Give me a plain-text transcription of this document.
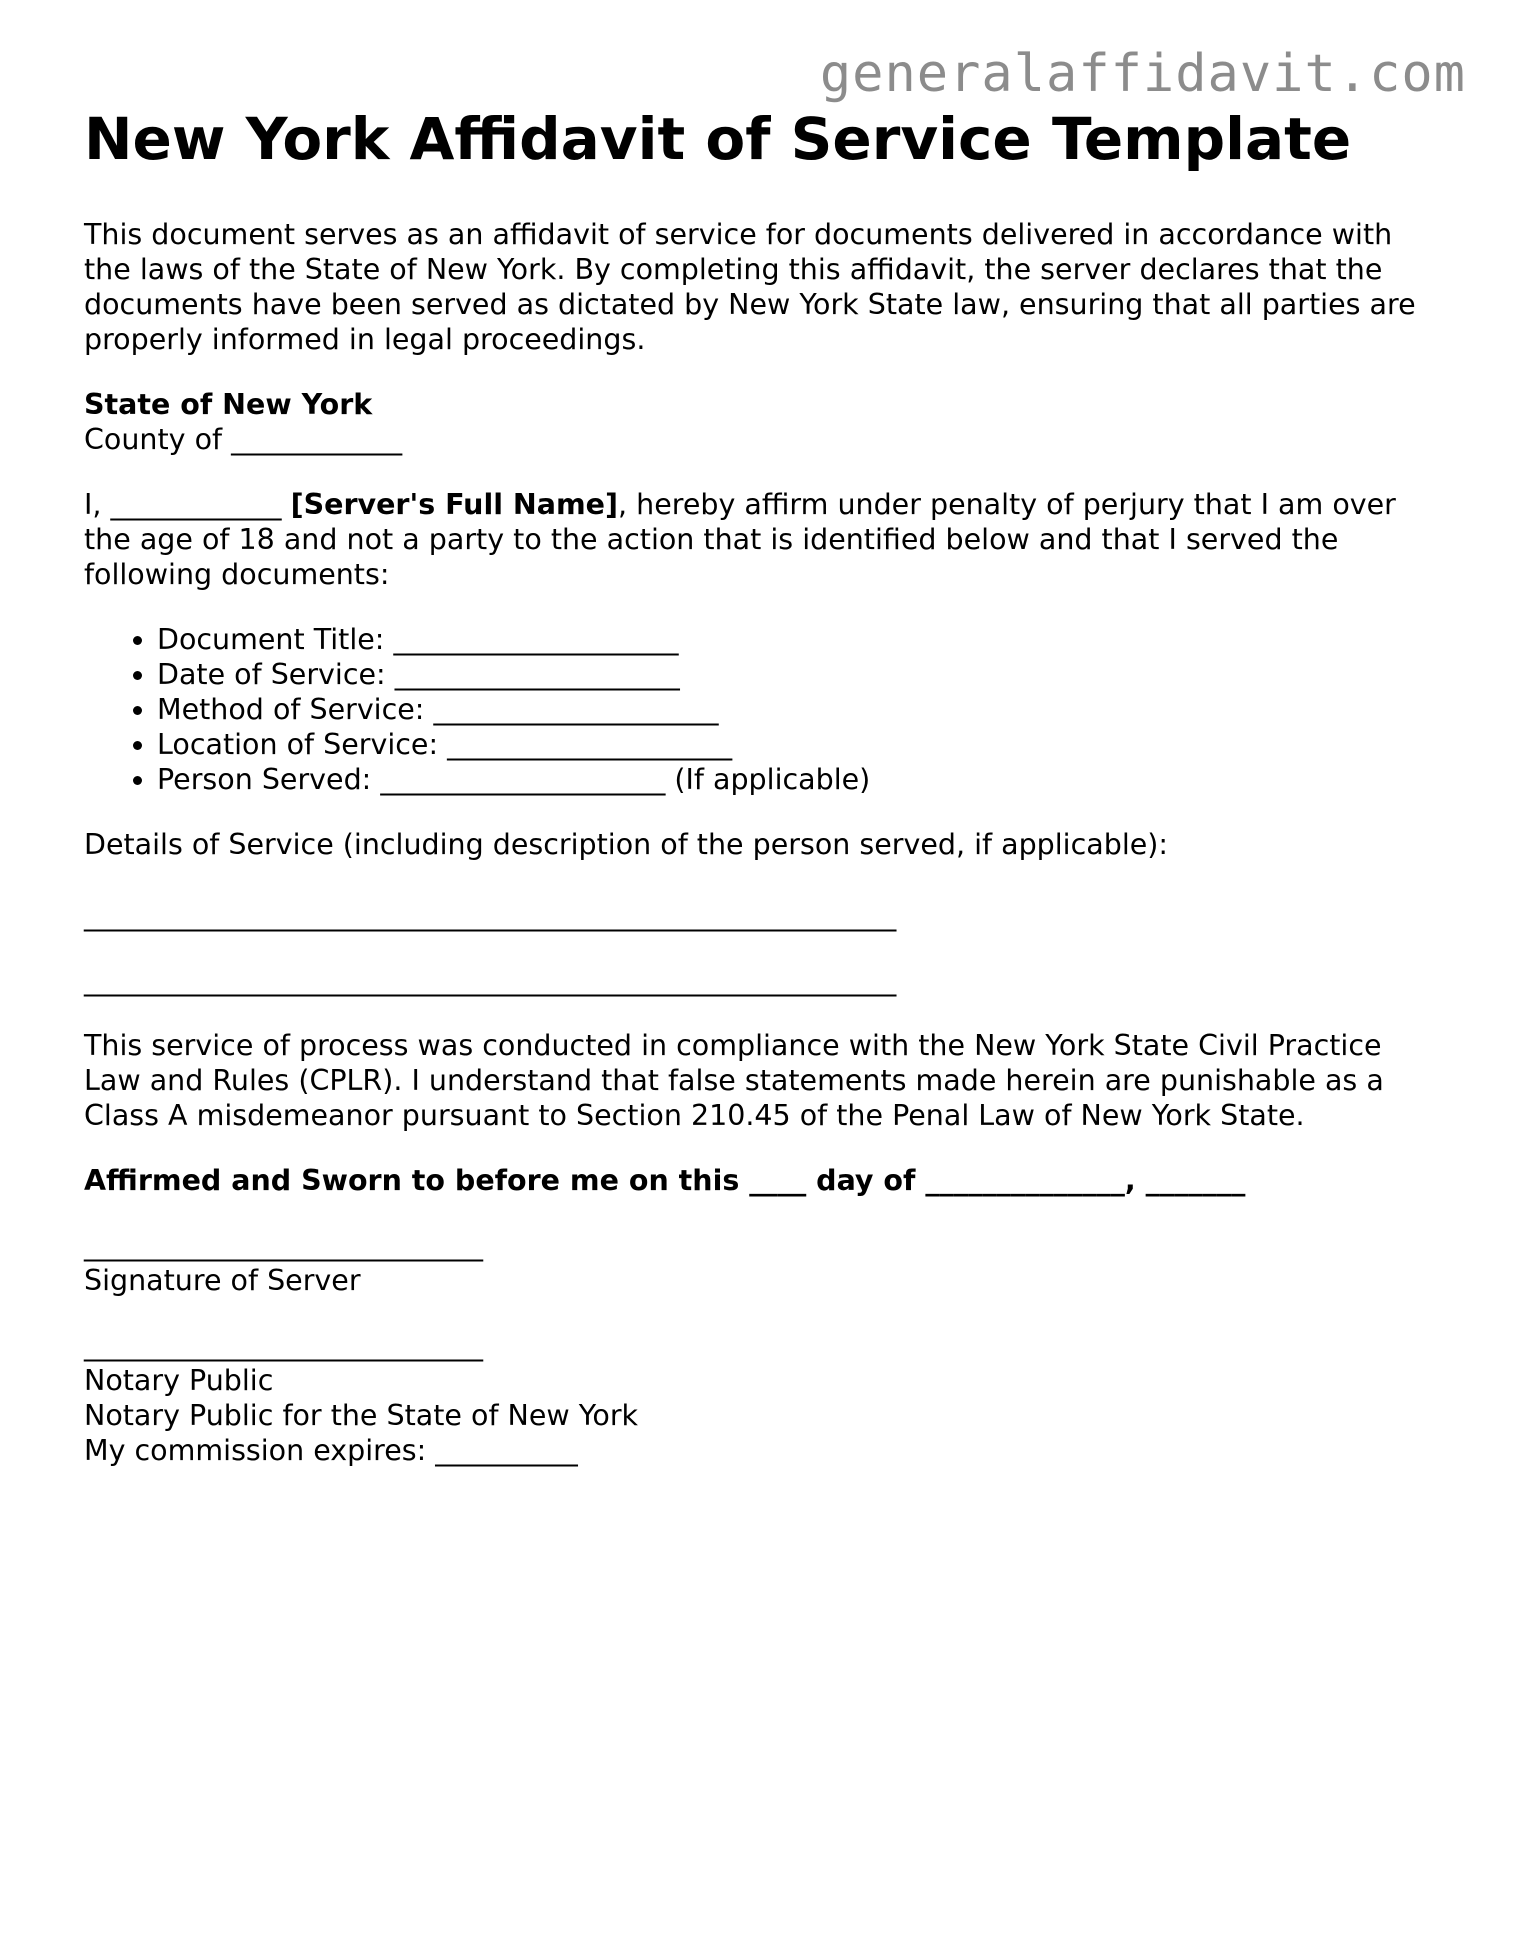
generalaffidavit.com
New York Affidavit of Service Template

This document serves as an affidavit of service for documents delivered in accordance with the laws of the State of New York. By completing this affidavit, the server declares that the documents have been served as dictated by New York State law, ensuring that all parties are properly informed in legal proceedings.

State of New York
County of ____________

I, ____________ [Server's Full Name], hereby affirm under penalty of perjury that I am over the age of 18 and not a party to the action that is identified below and that I served the following documents:

• Document Title: ____________________
• Date of Service: ____________________
• Method of Service: ____________________
• Location of Service: ____________________
• Person Served: ____________________ (If applicable)

Details of Service (including description of the person served, if applicable):

_________________________________________________________
_________________________________________________________

This service of process was conducted in compliance with the New York State Civil Practice Law and Rules (CPLR). I understand that false statements made herein are punishable as a Class A misdemeanor pursuant to Section 210.45 of the Penal Law of New York State.

Affirmed and Sworn to before me on this ____ day of ______________, _______

____________________________
Signature of Server
____________________________
Notary Public
Notary Public for the State of New York
My commission expires: __________
